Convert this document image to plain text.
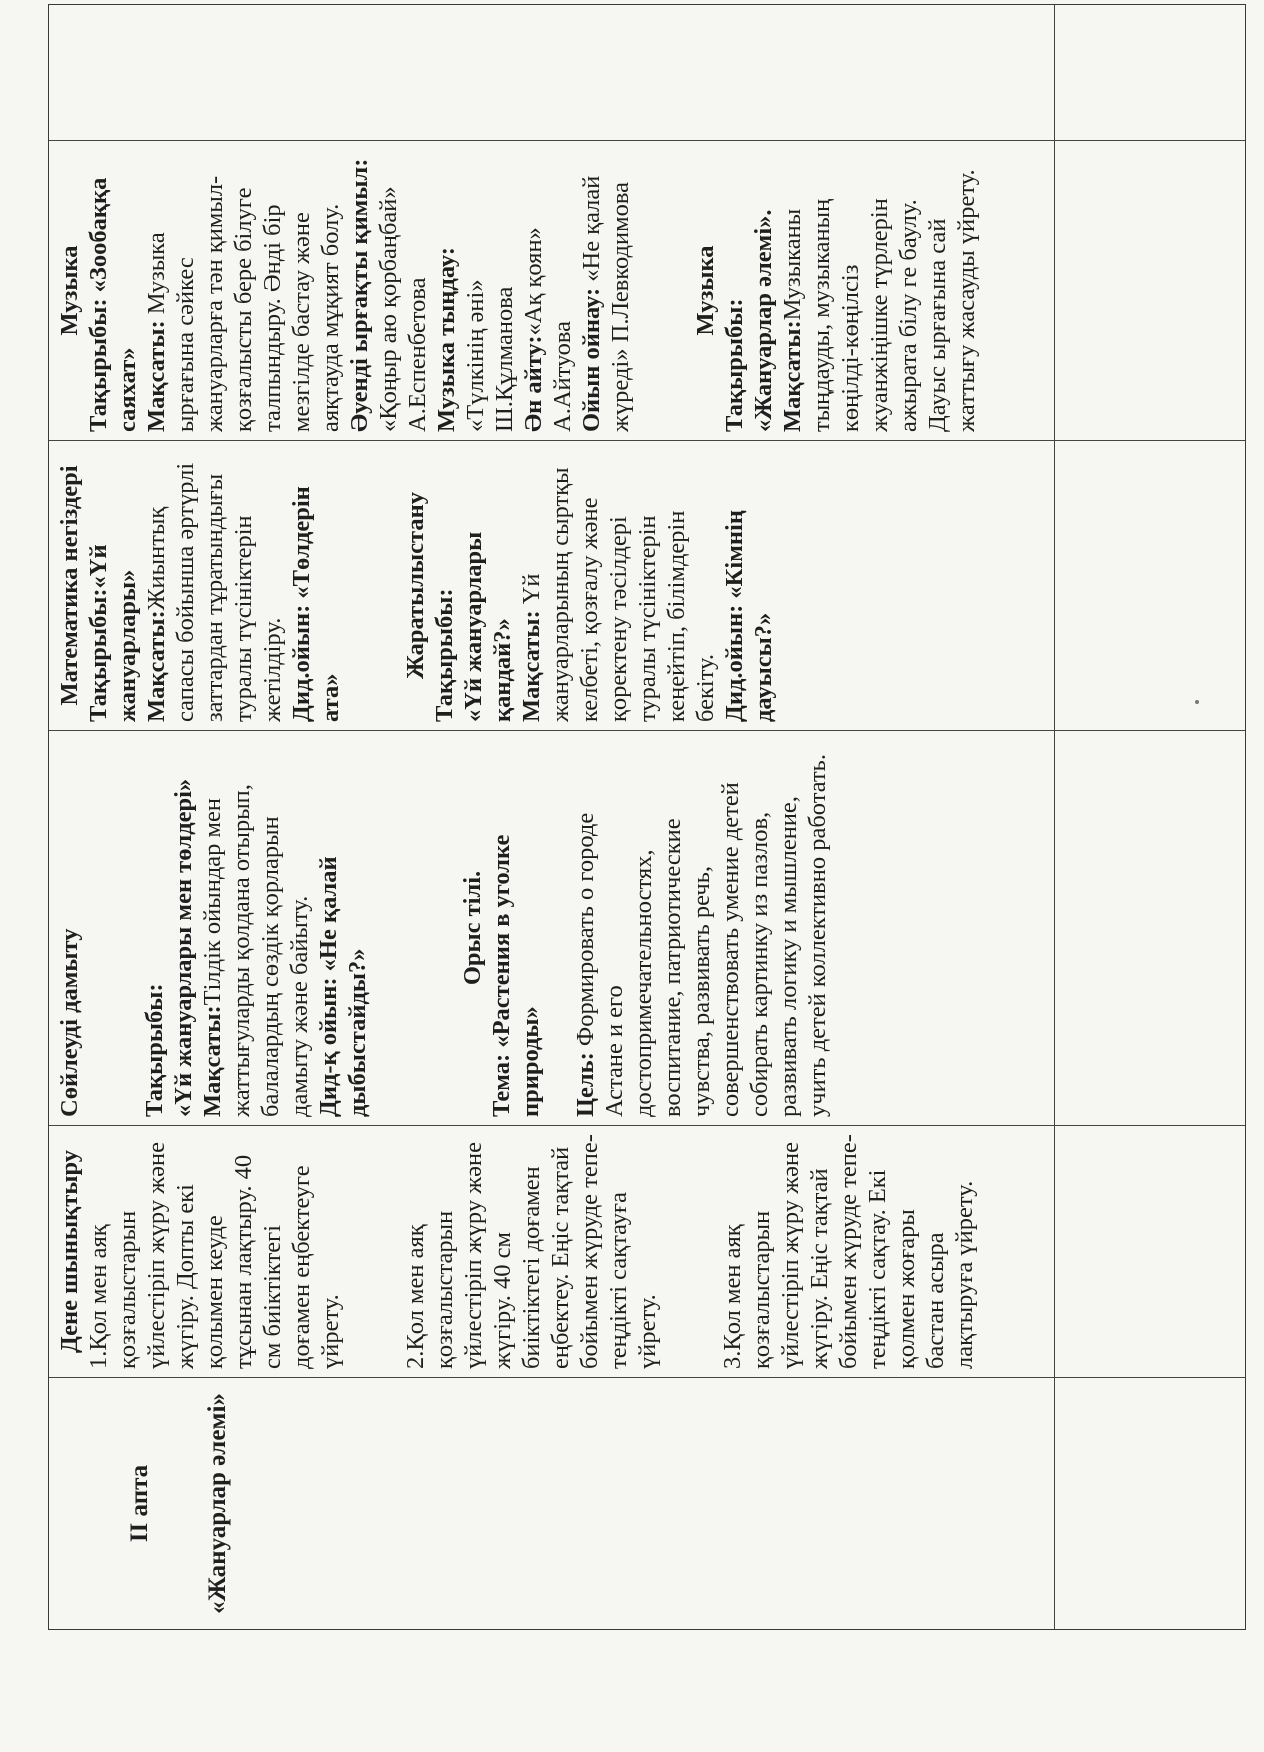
II апта «Жануарлар әлемі»
Дене шынықтыру 1.Қол мен аяқ қозғалыстарын үйлестіріп жүру және жүгіру. Допты екі қолымен кеуде тұсынан лақтыру. 40 см биіктіктегі доғамен еңбектеуге үйрету. 2.Қол мен аяқ қозғалыстарын үйлестіріп жүру және жүгіру. 40 см биіктіктегі доғамен еңбектеу. Еңіс тақтай бойымен жүруде тепе-теңдікті сақтауға үйрету. 3.Қол мен аяқ қозғалыстарын үйлестіріп жүру және жүгіру. Еңіс тақтай бойымен жүруде тепе-теңдікті сақтау. Екі қолмен жоғары бастан асыра лақтыруға үйрету.
Сөйлеуді дамыту Тақырыбы: «Үй жануарлары мен төлдері» Мақсаты:Тілдік ойындар мен жаттығуларды қолдана отырып, балалардың сөздік қорларын дамыту және байыту. Дид-қ ойын: «Не қалай дыбыстайды?»
Орыс тілі.
Тема: «Растения в уголке природы» Цель: Формировать о городе Астане и его достопримечательностях, воспитание, патриотические чувства, развивать речь, совершенствовать умение детей собирать картинку из пазлов, развивать логику и мышление, учить детей коллективно работать.
Математика негіздері Тақырыбы:«Үй жануарлары» Мақсаты:Жиынтық сапасы бойынша әртүрлі заттардан тұратындығы туралы түсініктерін жетілдіру. Дид.ойын: «Төлдерін ата»
Жаратылыстану Тақырыбы: «Үй жануарлары қандай?» Мақсаты: Үй жануарларының сыртқы келбеті, қозғалу және қоректену тәсілдері туралы түсініктерін кеңейтіп, білімдерін бекіту. Дид.ойын: «Кімнің дауысы?»
Музыка
Тақырыбы: «Зообаққа саяхат» Мақсаты: Музыка ырғағына сәйкес жануарларға тән қимыл-қозғалысты бере білуге талпындыру. Әнді бір мезгілде бастау және аяқтауда мұқият болу. Әуенді ырғақты қимыл: «Қоңыр аю қорбаңбай» А.Еспенбетова Музыка тыңдау: «Түлкінің әні» Ш.Құлманова Ән айту:«Ақ қоян» А.Айтуова Ойын ойнау: «Не қалай жүреді» П.Левкодимова Музыка
Тақырыбы: «Жануарлар әлемі». Мақсаты:Музыканы тыңдауды, музыканың көңілді-көңілсіз жуанжіңішке түрлерін ажырата білу ге баулу. Дауыс ырғағына сай жаттығу жасауды үйрету.
